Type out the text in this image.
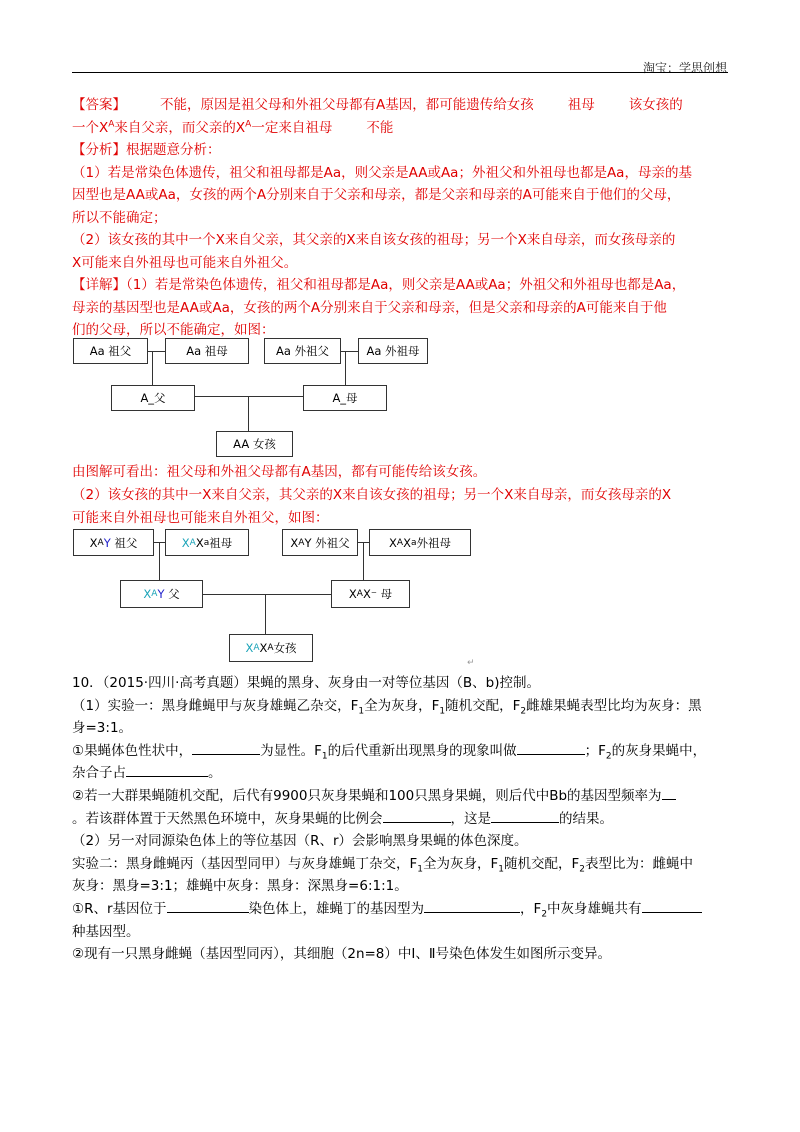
淘宝：学思创想

【答案】	不能，原因是祖父母和外祖父母都有A基因，都可能遗传给女孩	祖母	该女孩的
一个$X^A$来自父亲，而父亲的$X^A$一定来自祖母	不能

【分析】根据题意分析：
（1）若是常染色体遗传，祖父和祖母都是Aa，则父亲是AA或Aa；外祖父和外祖母也都是Aa，母亲的基
因型也是AA或Aa，女孩的两个A分别来自于父亲和母亲，都是父亲和母亲的A可能来自于他们的父母，
所以不能确定；
（2）该女孩的其中一个X来自父亲，其父亲的X来自该女孩的祖母；另一个X来自母亲，而女孩母亲的
X可能来自外祖母也可能来自外祖父。

【详解】（1）若是常染色体遗传，祖父和祖母都是Aa，则父亲是AA或Aa；外祖父和外祖母也都是Aa，
母亲的基因型也是AA或Aa，女孩的两个A分别来自于父亲和母亲，但是父亲和母亲的A可能来自于他
们的父母，所以不能确定，如图：

Aa 祖父	Aa 祖母	Aa 外祖父	Aa 外祖母
A_父	A_母
AA 女孩

由图解可看出：祖父母和外祖父母都有A基因，都有可能传给该女孩。

（2）该女孩的其中一X来自父亲，其父亲的X来自该女孩的祖母；另一个X来自母亲，而女孩母亲的X
可能来自外祖母也可能来自外祖父，如图：

X A Y
祖父	X A X a 祖母	X A Y 外祖父	X A X a 外祖母
X A Y
父	X A X⁻ 母
X A X A 女孩
↵

10．（2015·四川·高考真题）果蝇的黑身、灰身由一对等位基因（B、b)控制。
（1）实验一：黑身雌蝇甲与灰身雄蝇乙杂交，$F_1$全为灰身，$F_1$随机交配，$F_2$雌雄果蝇表型比均为灰身：黑
身=3:1。
①果蝇体色性状中，	为显性。$F_1$的后代重新出现黑身的现象叫做	；$F_2$的灰身果蝇中，
杂合子占	。
②若一大群果蝇随机交配，后代有9900只灰身果蝇和100只黑身果蝇，则后代中Bb的基因型频率为
。若该群体置于天然黑色环境中，灰身果蝇的比例会	，这是	的结果。
（2）另一对同源染色体上的等位基因（R、r）会影响黑身果蝇的体色深度。
实验二：黑身雌蝇丙（基因型同甲）与灰身雄蝇丁杂交，$F_1$全为灰身，$F_1$随机交配，$F_2$表型比为：雌蝇中
灰身：黑身=3:1；雄蝇中灰身：黑身：深黑身=6:1:1。
①R、r基因位于	染色体上，雄蝇丁的基因型为	，$F_2$中灰身雄蝇共有
种基因型。
②现有一只黑身雌蝇（基因型同丙），其细胞（2n=8）中Ⅰ、Ⅱ号染色体发生如图所示变异。
